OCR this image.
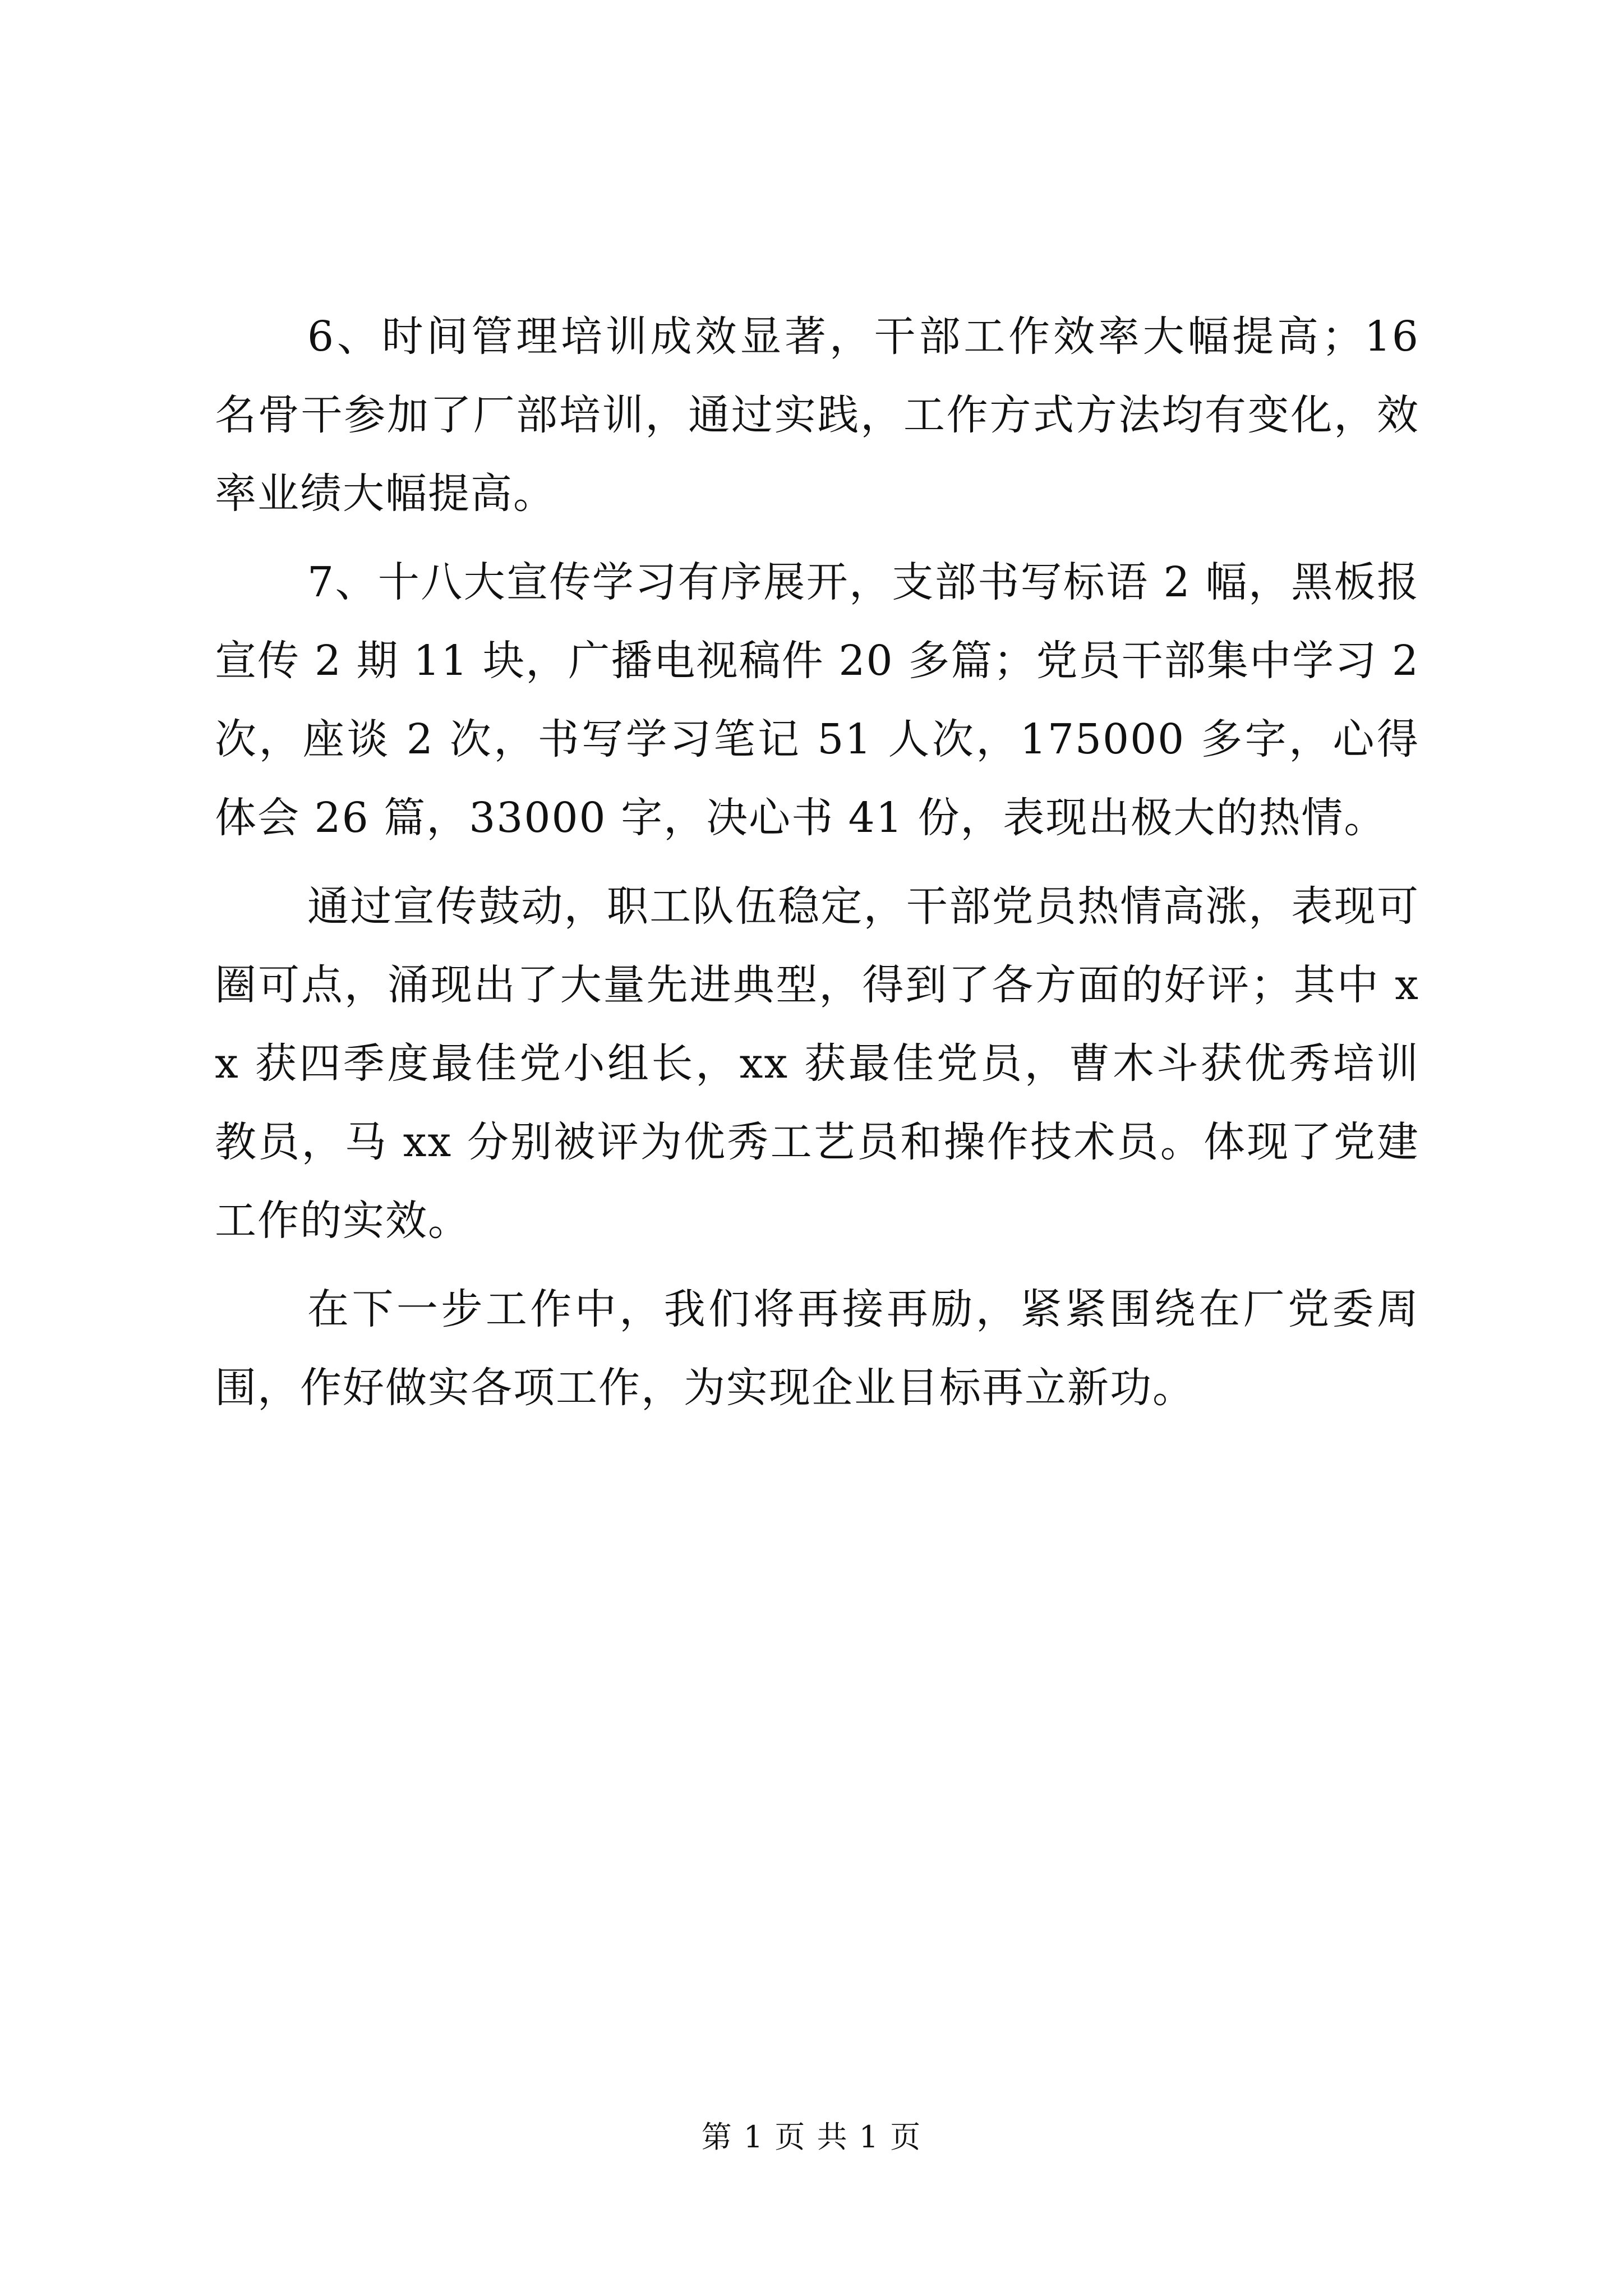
6、时间管理培训成效显著，干部工作效率大幅提高；16 名骨干参加了厂部培训，通过实践，工作方式方法均有变化，效率业绩大幅提高。

7、十八大宣传学习有序展开，支部书写标语 2 幅，黑板报宣传 2 期 11 块，广播电视稿件 20 多篇；党员干部集中学习 2 次，座谈 2 次，书写学习笔记 51 人次，175000 多字，心得体会 26 篇，33000 字，决心书 41 份，表现出极大的热情。

通过宣传鼓动，职工队伍稳定，干部党员热情高涨，表现可圈可点，涌现出了大量先进典型，得到了各方面的好评；其中 xx 获四季度最佳党小组长，xx 获最佳党员，曹木斗获优秀培训教员，马 xx 分别被评为优秀工艺员和操作技术员。体现了党建工作的实效。

在下一步工作中，我们将再接再励，紧紧围绕在厂党委周围，作好做实各项工作，为实现企业目标再立新功。

第 1 页 共 1 页
